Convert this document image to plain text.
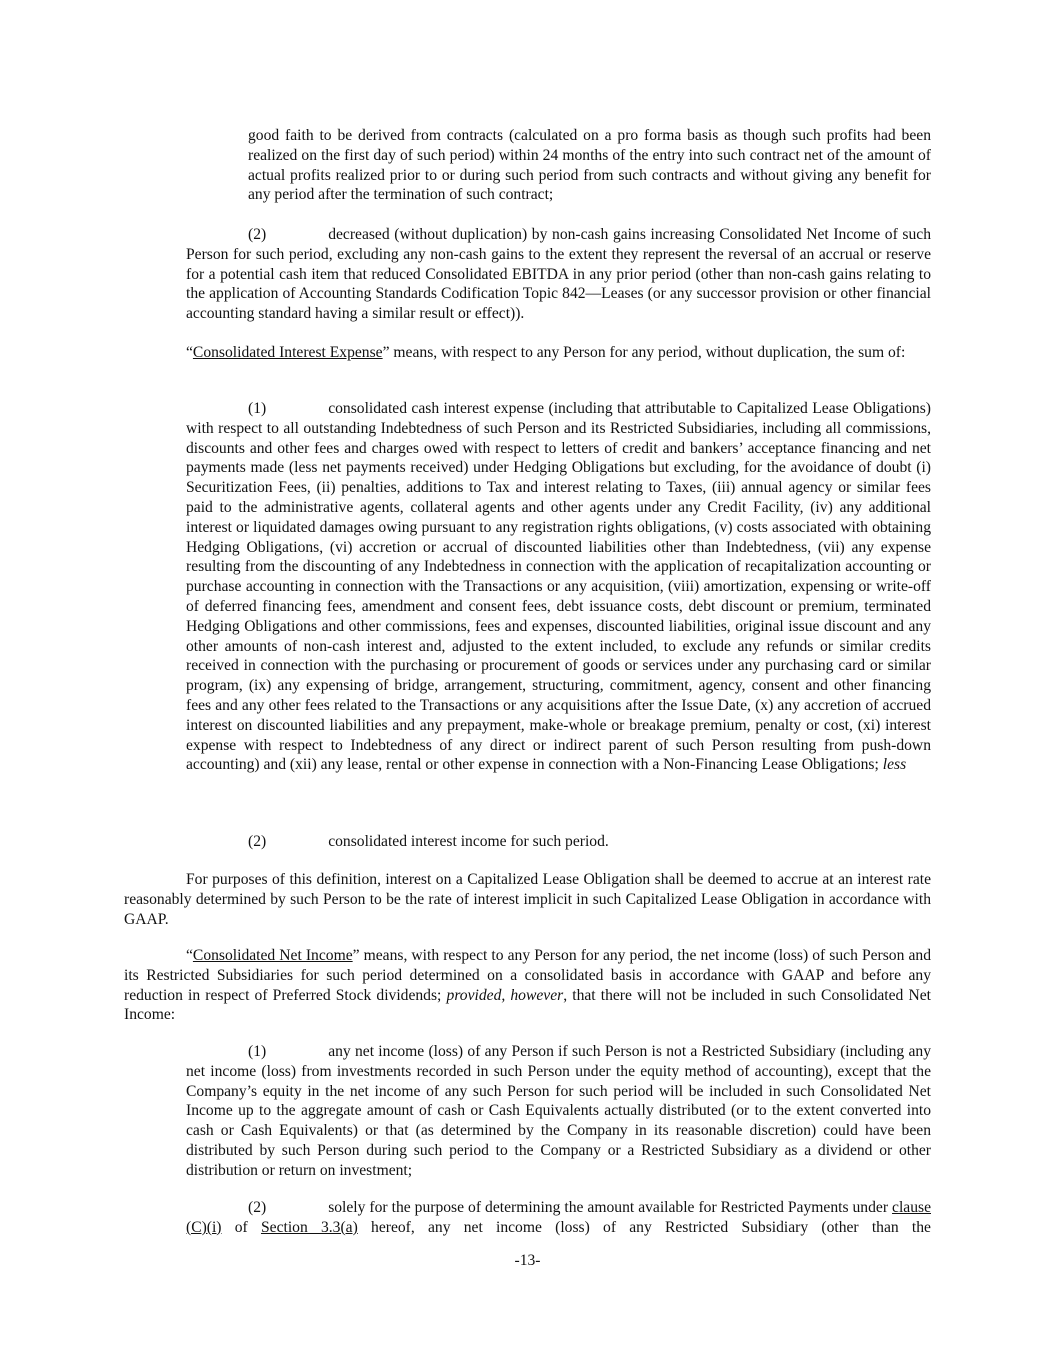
good faith to be derived from contracts (calculated on a pro forma basis as though such profits had been realized on the first day of such period) within 24 months of the entry into such contract net of the amount of actual profits realized prior to or during such period from such contracts and without giving any benefit for any period after the termination of such contract;

(2)	decreased (without duplication) by non-cash gains increasing Consolidated Net Income of such Person for such period, excluding any non-cash gains to the extent they represent the reversal of an accrual or reserve for a potential cash item that reduced Consolidated EBITDA in any prior period (other than non-cash gains relating to the application of Accounting Standards Codification Topic 842—Leases (or any successor provision or other financial accounting standard having a similar result or effect)).

“Consolidated Interest Expense” means, with respect to any Person for any period, without duplication, the sum of:

(1)	consolidated cash interest expense (including that attributable to Capitalized Lease Obligations) with respect to all outstanding Indebtedness of such Person and its Restricted Subsidiaries, including all commissions, discounts and other fees and charges owed with respect to letters of credit and bankers’ acceptance financing and net payments made (less net payments received) under Hedging Obligations but excluding, for the avoidance of doubt (i) Securitization Fees, (ii) penalties, additions to Tax and interest relating to Taxes, (iii) annual agency or similar fees paid to the administrative agents, collateral agents and other agents under any Credit Facility, (iv) any additional interest or liquidated damages owing pursuant to any registration rights obligations, (v) costs associated with obtaining Hedging Obligations, (vi) accretion or accrual of discounted liabilities other than Indebtedness, (vii) any expense resulting from the discounting of any Indebtedness in connection with the application of recapitalization accounting or purchase accounting in connection with the Transactions or any acquisition, (viii) amortization, expensing or write-off of deferred financing fees, amendment and consent fees, debt issuance costs, debt discount or premium, terminated Hedging Obligations and other commissions, fees and expenses, discounted liabilities, original issue discount and any other amounts of non-cash interest and, adjusted to the extent included, to exclude any refunds or similar credits received in connection with the purchasing or procurement of goods or services under any purchasing card or similar program, (ix) any expensing of bridge, arrangement, structuring, commitment, agency, consent and other financing fees and any other fees related to the Transactions or any acquisitions after the Issue Date, (x) any accretion of accrued interest on discounted liabilities and any prepayment, make-whole or breakage premium, penalty or cost, (xi) interest expense with respect to Indebtedness of any direct or indirect parent of such Person resulting from push-down accounting) and (xii) any lease, rental or other expense in connection with a Non-Financing Lease Obligations; less

(2)	consolidated interest income for such period.

For purposes of this definition, interest on a Capitalized Lease Obligation shall be deemed to accrue at an interest rate reasonably determined by such Person to be the rate of interest implicit in such Capitalized Lease Obligation in accordance with GAAP.

“Consolidated Net Income” means, with respect to any Person for any period, the net income (loss) of such Person and its Restricted Subsidiaries for such period determined on a consolidated basis in accordance with GAAP and before any reduction in respect of Preferred Stock dividends; provided, however, that there will not be included in such Consolidated Net Income:

(1)	any net income (loss) of any Person if such Person is not a Restricted Subsidiary (including any net income (loss) from investments recorded in such Person under the equity method of accounting), except that the Company’s equity in the net income of any such Person for such period will be included in such Consolidated Net Income up to the aggregate amount of cash or Cash Equivalents actually distributed (or to the extent converted into cash or Cash Equivalents) or that (as determined by the Company in its reasonable discretion) could have been distributed by such Person during such period to the Company or a Restricted Subsidiary as a dividend or other distribution or return on investment;

(2)	solely for the purpose of determining the amount available for Restricted Payments under clause (C)(i) of Section 3.3(a) hereof, any net income (loss) of any Restricted Subsidiary (other than the

-13-
